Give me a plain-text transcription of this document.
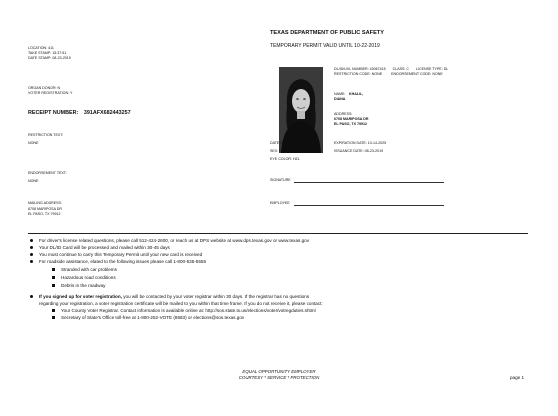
TEXAS DEPARTMENT OF PUBLIC SAFETY
TEMPORARY PERMIT VALID UNTIL 10-22-2019
LOCATION: 411
TAKE STAMP: 15:37:51
DATE STAMP: 08-23-2019
ORGAN DONOR: N
VOTER REGISTRATION: Y
RECEIPT NUMBER: 391AFX682443257
RESTRICTION TEXT:
NONE
ENDORSEMENT TEXT:
NONE
MAILING ADDRESS:
6708 MARIPOSA DR
EL PASO, TX 79912
DL/ID/UVL NUMBER: 43067415 CLASS: C LICENSE TYPE: DL
RESTRICTION CODE: NONE	ENDORSEMENT CODE: NONE
NAME: KHALIL,
DIANA
ADDRESS:
6708 MARIPOSA DR
EL PASO, TX 79912
DATE OF BIRTH: 10-14-1998	EXPIRATION DATE: 10-14-2025
SEX: F HEIGHT: 5'-03"	ISSUANCE DATE: 08-23-2019
EYE COLOR: HZL
SIGNATURE
EMPLOYEE
For driver's license related questions, please call 512-424-2600, or reach us at DPS website at www.dps.texas.gov or www.texas.gov
Your DL/ID Card will be processed and mailed within 30-45 days
You must continue to carry this Temporary Permit until your new card is received
For roadside assistance, elated to the following issues please call 1-800-535-5555
Stranded with car problems
Hazardous road conditions
Debris in the roadway
If you signed up for voter registration, you will be contacted by your voter registrar within 30 days. If the registrar has no questions
regarding your registration, a voter registration certificate will be mailed to you within that time frame. If you do not receive it, please contact:
Your County Voter Registrar. Contact information is available online at: http://sos.state.tx.us/elections/voter/votregduties.shtml
Secretary of State's Office toll-free at 1-800-252-VOTE (8683) or elections@sos.texas.gov
EQUAL OPPORTUNITY EMPLOYER
COURTESY * SERVICE * PROTECTION	page 1
